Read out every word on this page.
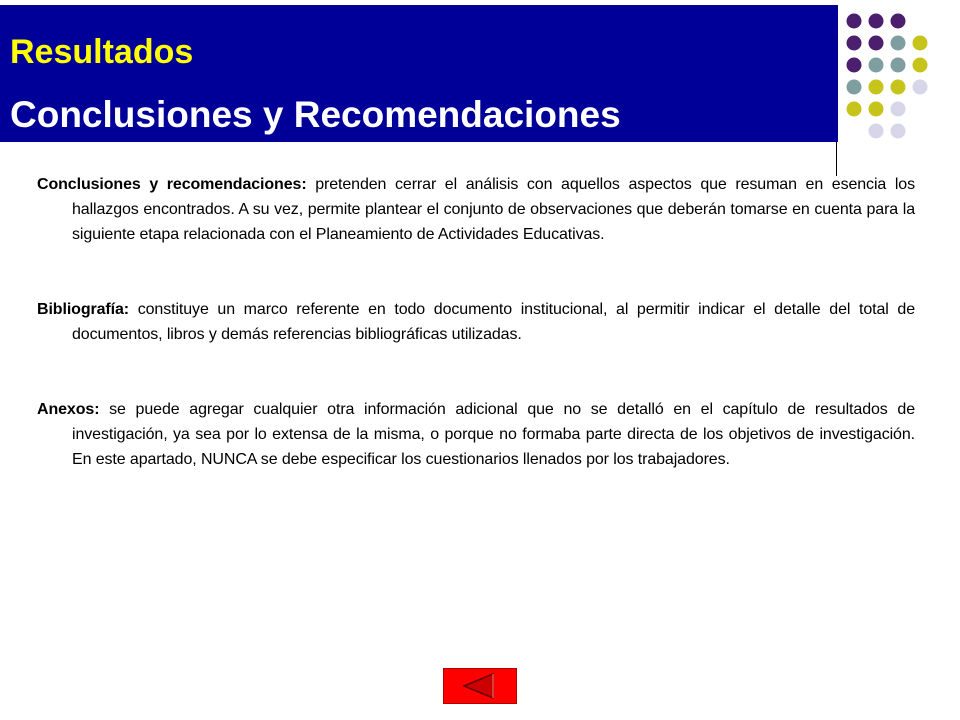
Resultados
Conclusiones y Recomendaciones

Conclusiones y recomendaciones: pretenden cerrar el análisis con aquellos aspectos que resuman en esencia los hallazgos encontrados. A su vez, permite plantear el conjunto de observaciones que deberán tomarse en cuenta para la siguiente etapa relacionada con el Planeamiento de Actividades Educativas.

Bibliografía: constituye un marco referente en todo documento institucional, al permitir indicar el detalle del total de documentos, libros y demás referencias bibliográficas utilizadas.

Anexos: se puede agregar cualquier otra información adicional que no se detalló en el capítulo de resultados de investigación, ya sea por lo extensa de la misma, o porque no formaba parte directa de los objetivos de investigación. En este apartado, NUNCA se debe especificar los cuestionarios llenados por los trabajadores.
